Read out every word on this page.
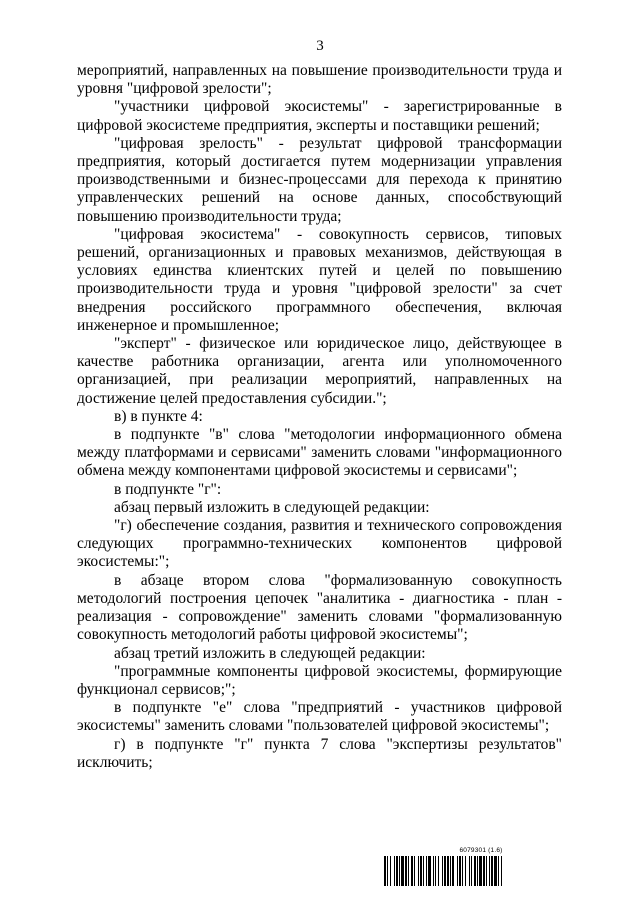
3

мероприятий, направленных на повышение производительности труда и уровня "цифровой зрелости";

"участники цифровой экосистемы" - зарегистрированные в цифровой экосистеме предприятия, эксперты и поставщики решений;

"цифровая зрелость" - результат цифровой трансформации предприятия, который достигается путем модернизации управления производственными и бизнес-процессами для перехода к принятию управленческих решений на основе данных, способствующий повышению производительности труда;

"цифровая экосистема" - совокупность сервисов, типовых решений, организационных и правовых механизмов, действующая в условиях единства клиентских путей и целей по повышению производительности труда и уровня "цифровой зрелости" за счет внедрения российского программного обеспечения, включая инженерное и промышленное;

"эксперт" - физическое или юридическое лицо, действующее в качестве работника организации, агента или уполномоченного организацией, при реализации мероприятий, направленных на достижение целей предоставления субсидии.";

в) в пункте 4:

в подпункте "в" слова "методологии информационного обмена между платформами и сервисами" заменить словами "информационного обмена между компонентами цифровой экосистемы и сервисами";

в подпункте "г":

абзац первый изложить в следующей редакции:

"г) обеспечение создания, развития и технического сопровождения следующих программно-технических компонентов цифровой экосистемы:";

в абзаце втором слова "формализованную совокупность методологий построения цепочек "аналитика - диагностика - план - реализация - сопровождение" заменить словами "формализованную совокупность методологий работы цифровой экосистемы";

абзац третий изложить в следующей редакции:

"программные компоненты цифровой экосистемы, формирующие функционал сервисов;";

в подпункте "е" слова "предприятий - участников цифровой экосистемы" заменить словами "пользователей цифровой экосистемы";

г) в подпункте "г" пункта 7 слова "экспертизы результатов" исключить;

6079301 (1.6)
